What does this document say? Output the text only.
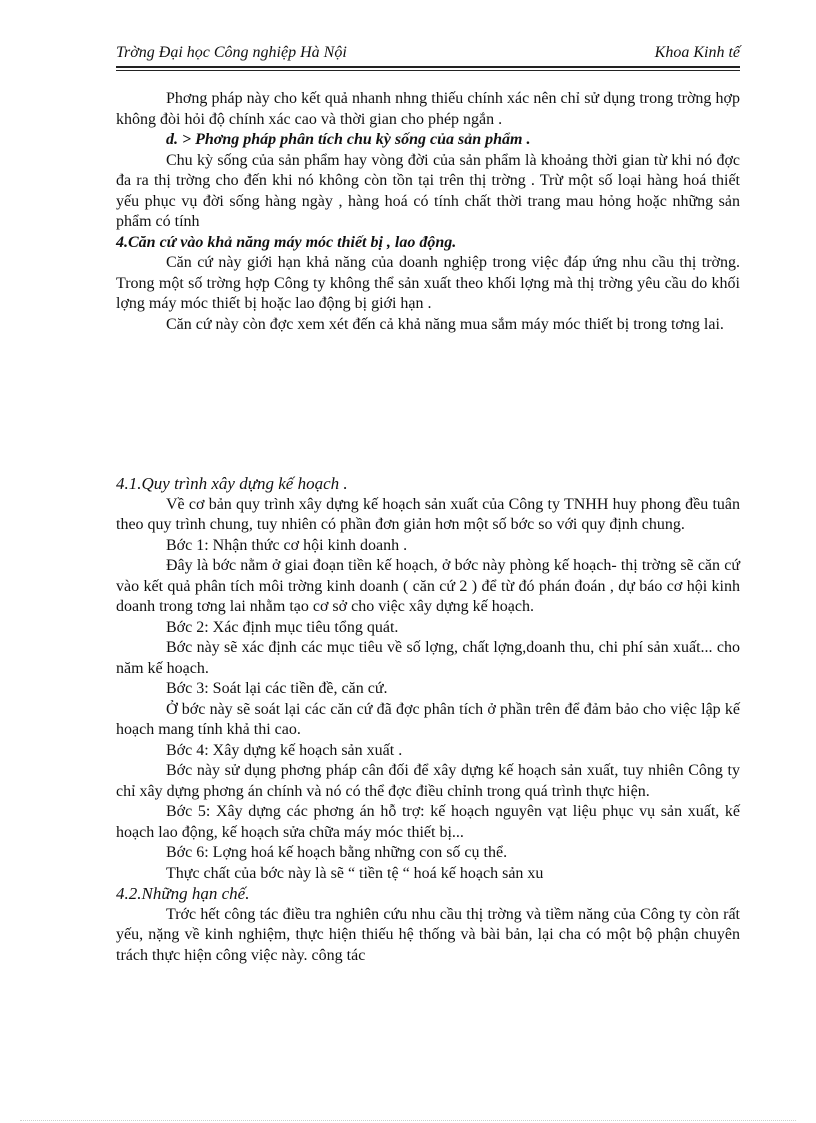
Trờng Đại học Công nghiệp Hà Nội	Khoa Kinh tế

Phơng pháp này cho kết quả nhanh nhng thiếu chính xác nên chỉ sử dụng trong trờng hợp không đòi hỏi độ chính xác cao và thời gian cho phép ngắn .

d. > Phơng pháp phân tích chu kỳ sống của sản phẩm .

Chu kỳ sống của sản phẩm hay vòng đời của sản phẩm là khoảng thời gian từ khi nó đợc đa ra thị trờng cho đến khi nó không còn tồn tại trên thị trờng . Trừ một số loại hàng hoá thiết yếu phục vụ đời sống hàng ngày , hàng hoá có tính chất thời trang mau hỏng hoặc những sản phẩm có tính

4.Căn cứ vào khả năng máy móc thiết bị , lao động.

Căn cứ này giới hạn khả năng của doanh nghiệp trong việc đáp ứng nhu cầu thị trờng. Trong một số trờng hợp Công ty không thể sản xuất theo khối lợng mà thị trờng yêu cầu do khối lợng máy móc thiết bị hoặc lao động bị giới hạn .

Căn cứ này còn đợc xem xét đến cả khả năng mua sắm máy móc thiết bị trong tơng lai.

4.1.Quy trình xây dựng kế hoạch .

Về cơ bản quy trình xây dựng kế hoạch sản xuất của Công ty TNHH huy phong đều tuân theo quy trình chung, tuy nhiên có phần đơn giản hơn một số bớc so với quy định chung.

Bớc 1: Nhận thức cơ hội kinh doanh .

Đây là bớc nằm ở giai đoạn tiền kế hoạch, ở bớc này phòng kế hoạch- thị trờng sẽ căn cứ vào kết quả phân tích môi trờng kinh doanh ( căn cứ 2 ) để từ đó phán đoán , dự báo cơ hội kinh doanh trong tơng lai nhằm tạo cơ sở cho việc xây dựng kế hoạch.

Bớc 2: Xác định mục tiêu tổng quát.

Bớc này sẽ xác định các mục tiêu về số lợng, chất lợng,doanh thu, chi phí sản xuất... cho năm kế hoạch.

Bớc 3: Soát lại các tiền đề, căn cứ.

Ở bớc này sẽ soát lại các căn cứ đã đợc phân tích ở phần trên để đảm bảo cho việc lập kế hoạch mang tính khả thi cao.

Bớc 4: Xây dựng kế hoạch sản xuất .

Bớc này sử dụng phơng pháp cân đối để xây dựng kế hoạch sản xuất, tuy nhiên Công ty chỉ xây dựng phơng án chính và nó có thể đợc điều chỉnh trong quá trình thực hiện.

Bớc 5: Xây dựng các phơng án hỗ trợ: kế hoạch nguyên vạt liệu phục vụ sản xuất, kế hoạch lao động, kế hoạch sửa chữa máy móc thiết bị...

Bớc 6: Lợng hoá kế hoạch bằng những con số cụ thể.

Thực chất của bớc này là sẽ “ tiền tệ “ hoá kế hoạch sản xu

4.2.Những hạn chế.

Trớc hết công tác điều tra nghiên cứu nhu cầu thị trờng và tiềm năng của Công ty còn rất yếu, nặng về kinh nghiệm, thực hiện thiếu hệ thống và bài bản, lại cha có một bộ phận chuyên trách thực hiện công việc này. công tác
